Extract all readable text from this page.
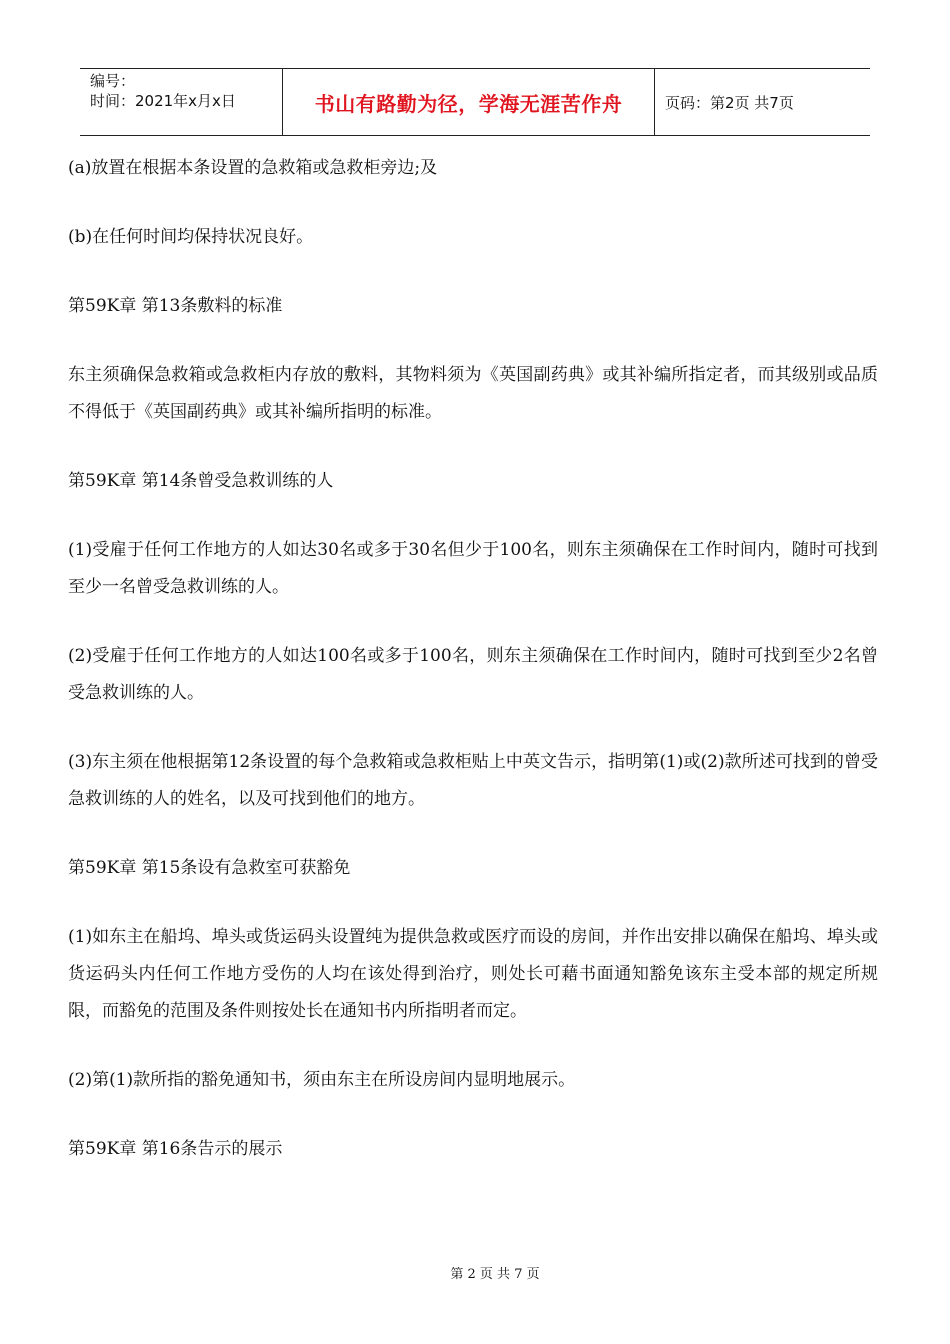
编号：
时间：2021年x月x日	书山有路勤为径，学海无涯苦作舟	页码：第2页 共7页

(a)放置在根据本条设置的急救箱或急救柜旁边;及

(b)在任何时间均保持状况良好。

第59K章 第13条敷料的标准

东主须确保急救箱或急救柜内存放的敷料，其物料须为《英国副药典》或其补编所指定者，而其级别或品质不得低于《英国副药典》或其补编所指明的标准。

第59K章 第14条曾受急救训练的人

(1)受雇于任何工作地方的人如达30名或多于30名但少于100名，则东主须确保在工作时间内，随时可找到至少一名曾受急救训练的人。

(2)受雇于任何工作地方的人如达100名或多于100名，则东主须确保在工作时间内，随时可找到至少2名曾受急救训练的人。

(3)东主须在他根据第12条设置的每个急救箱或急救柜贴上中英文告示，指明第(1)或(2)款所述可找到的曾受急救训练的人的姓名，以及可找到他们的地方。

第59K章 第15条设有急救室可获豁免

(1)如东主在船坞、埠头或货运码头设置纯为提供急救或医疗而设的房间，并作出安排以确保在船坞、埠头或货运码头内任何工作地方受伤的人均在该处得到治疗，则处长可藉书面通知豁免该东主受本部的规定所规限，而豁免的范围及条件则按处长在通知书内所指明者而定。

(2)第(1)款所指的豁免通知书，须由东主在所设房间内显明地展示。

第59K章 第16条告示的展示

第 2 页 共 7 页
